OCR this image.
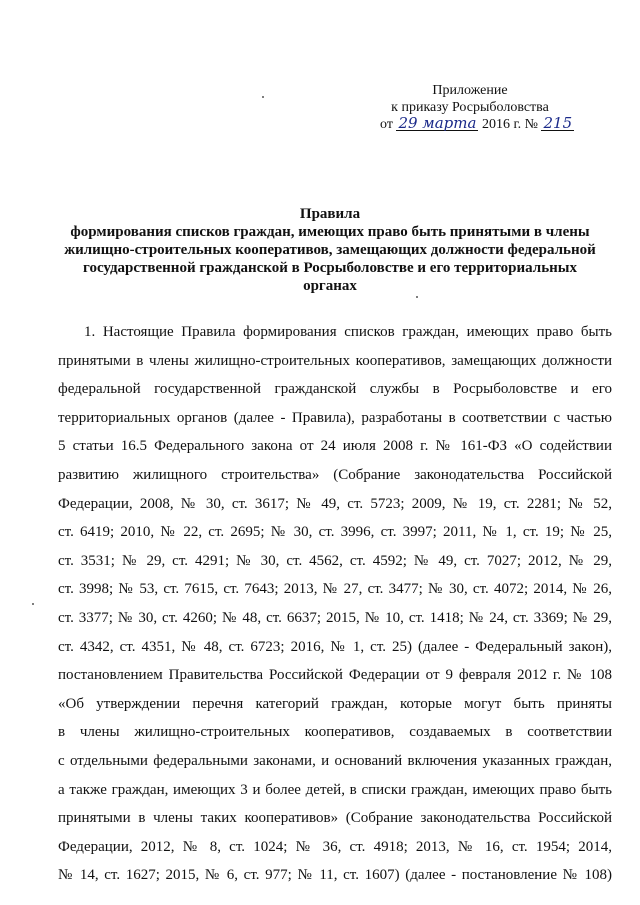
Приложение
к приказу Росрыболовства
от 29 марта 2016 г. № 215
Правила
формирования списков граждан, имеющих право быть принятыми в члены
жилищно-строительных кооперативов, замещающих должности федеральной
государственной гражданской в Росрыболовстве и его территориальных
органах
1. Настоящие Правила формирования списков граждан, имеющих право быть
принятыми в члены жилищно-строительных кооперативов, замещающих должности
федеральной государственной гражданской службы в Росрыболовстве и его
территориальных органов (далее - Правила), разработаны в соответствии с частью
5 статьи 16.5 Федерального закона от 24 июля 2008 г. № 161-ФЗ «О содействии
развитию жилищного строительства» (Собрание законодательства Российской
Федерации, 2008, № 30, ст. 3617; № 49, ст. 5723; 2009, № 19, ст. 2281; № 52,
ст. 6419; 2010, № 22, ст. 2695; № 30, ст. 3996, ст. 3997; 2011, № 1, ст. 19; № 25,
ст. 3531; № 29, ст. 4291; № 30, ст. 4562, ст. 4592; № 49, ст. 7027; 2012, № 29,
ст. 3998; № 53, ст. 7615, ст. 7643; 2013, № 27, ст. 3477; № 30, ст. 4072; 2014, № 26,
ст. 3377; № 30, ст. 4260; № 48, ст. 6637; 2015, № 10, ст. 1418; № 24, ст. 3369; № 29,
ст. 4342, ст. 4351, № 48, ст. 6723; 2016, № 1, ст. 25) (далее - Федеральный закон),
постановлением Правительства Российской Федерации от 9 февраля 2012 г. № 108
«Об утверждении перечня категорий граждан, которые могут быть приняты
в члены жилищно-строительных кооперативов, создаваемых в соответствии
с отдельными федеральными законами, и оснований включения указанных граждан,
а также граждан, имеющих 3 и более детей, в списки граждан, имеющих право быть
принятыми в члены таких кооперативов» (Собрание законодательства Российской
Федерации, 2012, № 8, ст. 1024; № 36, ст. 4918; 2013, № 16, ст. 1954; 2014,
№ 14, ст. 1627; 2015, № 6, ст. 977; № 11, ст. 1607) (далее - постановление № 108)
